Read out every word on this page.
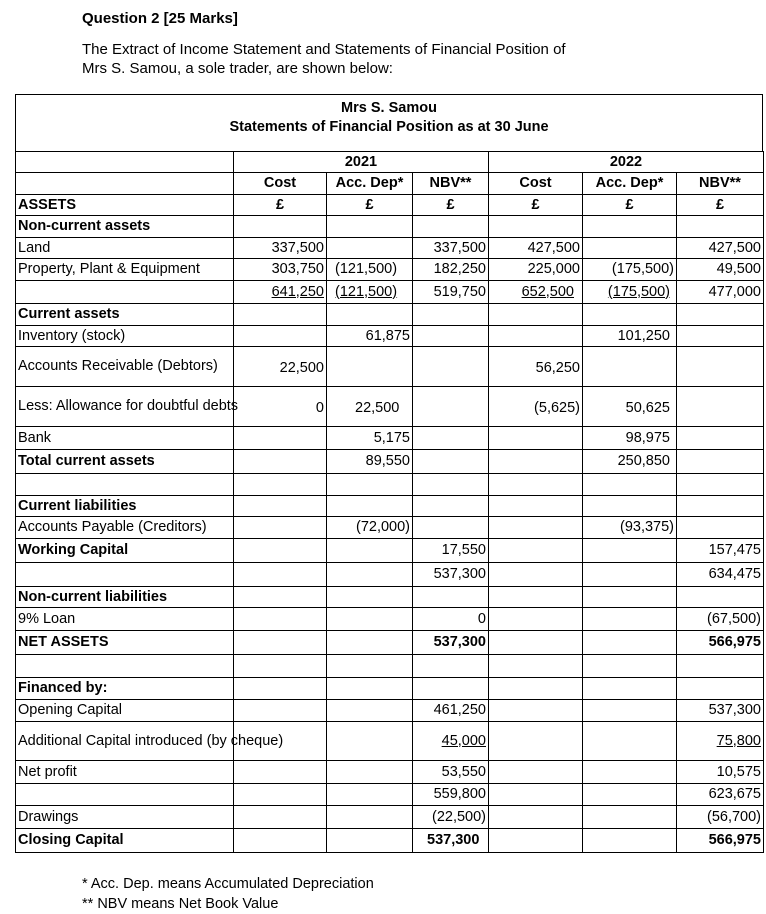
Question 2 [25 Marks]
The Extract of Income Statement and Statements of Financial Position of
Mrs S. Samou, a sole trader, are shown below:
Mrs S. Samou
Statements of Financial Position as at 30 June
	2021			2022		
	Cost	Acc. Dep*	NBV**	Cost	Acc. Dep*	NBV**
ASSETS	£	£	£	£	£	£
Non-current assets						
Land	337,500		337,500	427,500		427,500
Property, Plant & Equipment	303,750	(121,500)	182,250	225,000	(175,500)	49,500
	641,250	(121,500)	519,750	652,500	(175,500)	477,000
Current assets						
Inventory (stock)		61,875			101,250	
Accounts Receivable (Debtors)	22,500			56,250		
Less: Allowance for doubtful debts	0	22,500		(5,625)	50,625	
Bank		5,175			98,975	
Total current assets		89,550			250,850	

Current liabilities						
Accounts Payable (Creditors)		(72,000)			(93,375)	
Working Capital			17,550			157,475
			537,300			634,475
Non-current liabilities						
9% Loan			0			(67,500)
NET ASSETS			537,300			566,975

Financed by:						
Opening Capital			461,250			537,300
Additional Capital introduced (by cheque)			45,000			75,800
Net profit			53,550			10,575
			559,800			623,675
Drawings			(22,500)			(56,700)
Closing Capital			537,300			566,975
* Acc. Dep. means Accumulated Depreciation
** NBV means Net Book Value
